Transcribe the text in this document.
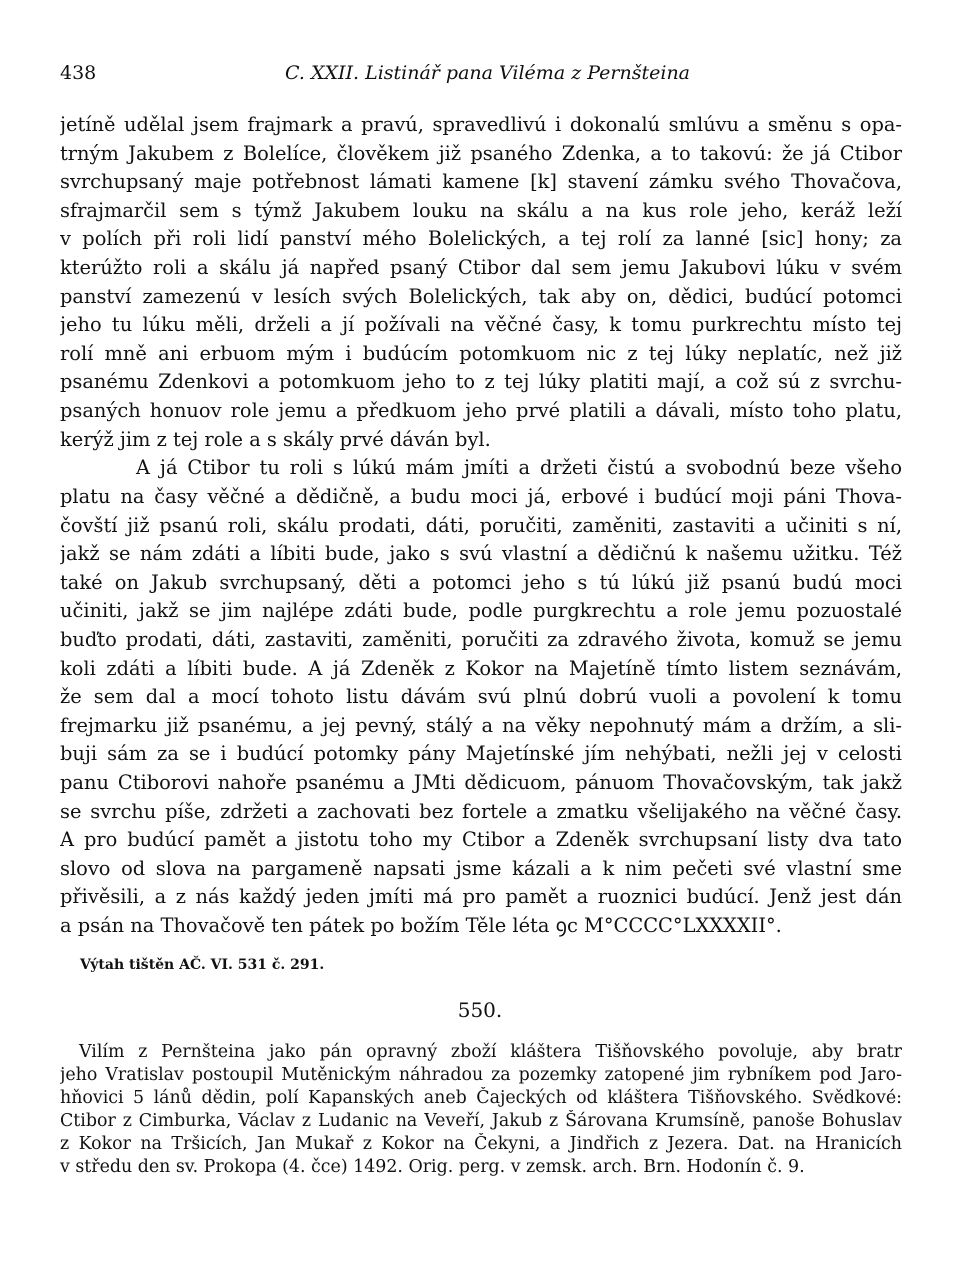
438	C. XXII. Listinář pana Viléma z Pernšteina
jetíně udělal jsem frajmark a pravú, spravedlivú i dokonalú smlúvu a směnu s opa-
trným Jakubem z Bolelíce, člověkem již psaného Zdenka, a to takovú: že já Ctibor
svrchupsaný maje potřebnost lámati kamene [k] stavení zámku svého Thovačova,
sfrajmarčil sem s týmž Jakubem louku na skálu a na kus role jeho, keráž leží
v polích při roli lidí panství mého Bolelických, a tej rolí za lanné [sic] hony; za
kterúžto roli a skálu já napřed psaný Ctibor dal sem jemu Jakubovi lúku v svém
panství zamezenú v lesích svých Bolelických, tak aby on, dědici, budúcí potomci
jeho tu lúku měli, drželi a jí požívali na věčné časy, k tomu purkrechtu místo tej
rolí mně ani erbuom mým i budúcím potomkuom nic z tej lúky neplatíc, než již
psanému Zdenkovi a potomkuom jeho to z tej lúky platiti mají, a což sú z svrchu-
psaných honuov role jemu a předkuom jeho prvé platili a dávali, místo toho platu,
kerýž jim z tej role a s skály prvé dáván byl.
A já Ctibor tu roli s lúkú mám jmíti a držeti čistú a svobodnú beze všeho
platu na časy věčné a dědičně, a budu moci já, erbové i budúcí moji páni Thova-
čovští již psanú roli, skálu prodati, dáti, poručiti, zaměniti, zastaviti a učiniti s ní,
jakž se nám zdáti a líbiti bude, jako s svú vlastní a dědičnú k našemu užitku. Též
také on Jakub svrchupsaný, děti a potomci jeho s tú lúkú již psanú budú moci
učiniti, jakž se jim najlépe zdáti bude, podle purgkrechtu a role jemu pozuostalé
buďto prodati, dáti, zastaviti, zaměniti, poručiti za zdravého života, komuž se jemu
koli zdáti a líbiti bude. A já Zdeněk z Kokor na Majetíně tímto listem seznávám,
že sem dal a mocí tohoto listu dávám svú plnú dobrú vuoli a povolení k tomu
frejmarku již psanému, a jej pevný, stálý a na věky nepohnutý mám a držím, a sli-
buji sám za se i budúcí potomky pány Majetínské jím nehýbati, nežli jej v celosti
panu Ctiborovi nahoře psanému a JMti dědicuom, pánuom Thovačovským, tak jakž
se svrchu píše, zdržeti a zachovati bez fortele a zmatku všelijakého na věčné časy.
A pro budúcí pamět a jistotu toho my Ctibor a Zdeněk svrchupsaní listy dva tato
slovo od slova na pargameně napsati jsme kázali a k nim pečeti své vlastní sme
přivěsili, a z nás každý jeden jmíti má pro pamět a ruoznici budúcí. Jenž jest dán
a psán na Thovačově ten pátek po božím Těle léta ꝯc M°CCCC°LXXXXII°.
Výtah tištěn AČ. VI. 531 č. 291.
550.
Vilím z Pernšteina jako pán opravný zboží kláštera Tišňovského povoluje, aby bratr
jeho Vratislav postoupil Mutěnickým náhradou za pozemky zatopené jim rybníkem pod Jaro-
hňovici 5 lánů dědin, polí Kapanských aneb Čajeckých od kláštera Tišňovského. Svědkové:
Ctibor z Cimburka, Václav z Ludanic na Veveří, Jakub z Šárovana Krumsíně, panoše Bohuslav
z Kokor na Tršicích, Jan Mukař z Kokor na Čekyni, a Jindřich z Jezera. Dat. na Hranicích
v středu den sv. Prokopa (4. čce) 1492. Orig. perg. v zemsk. arch. Brn. Hodonín č. 9.
